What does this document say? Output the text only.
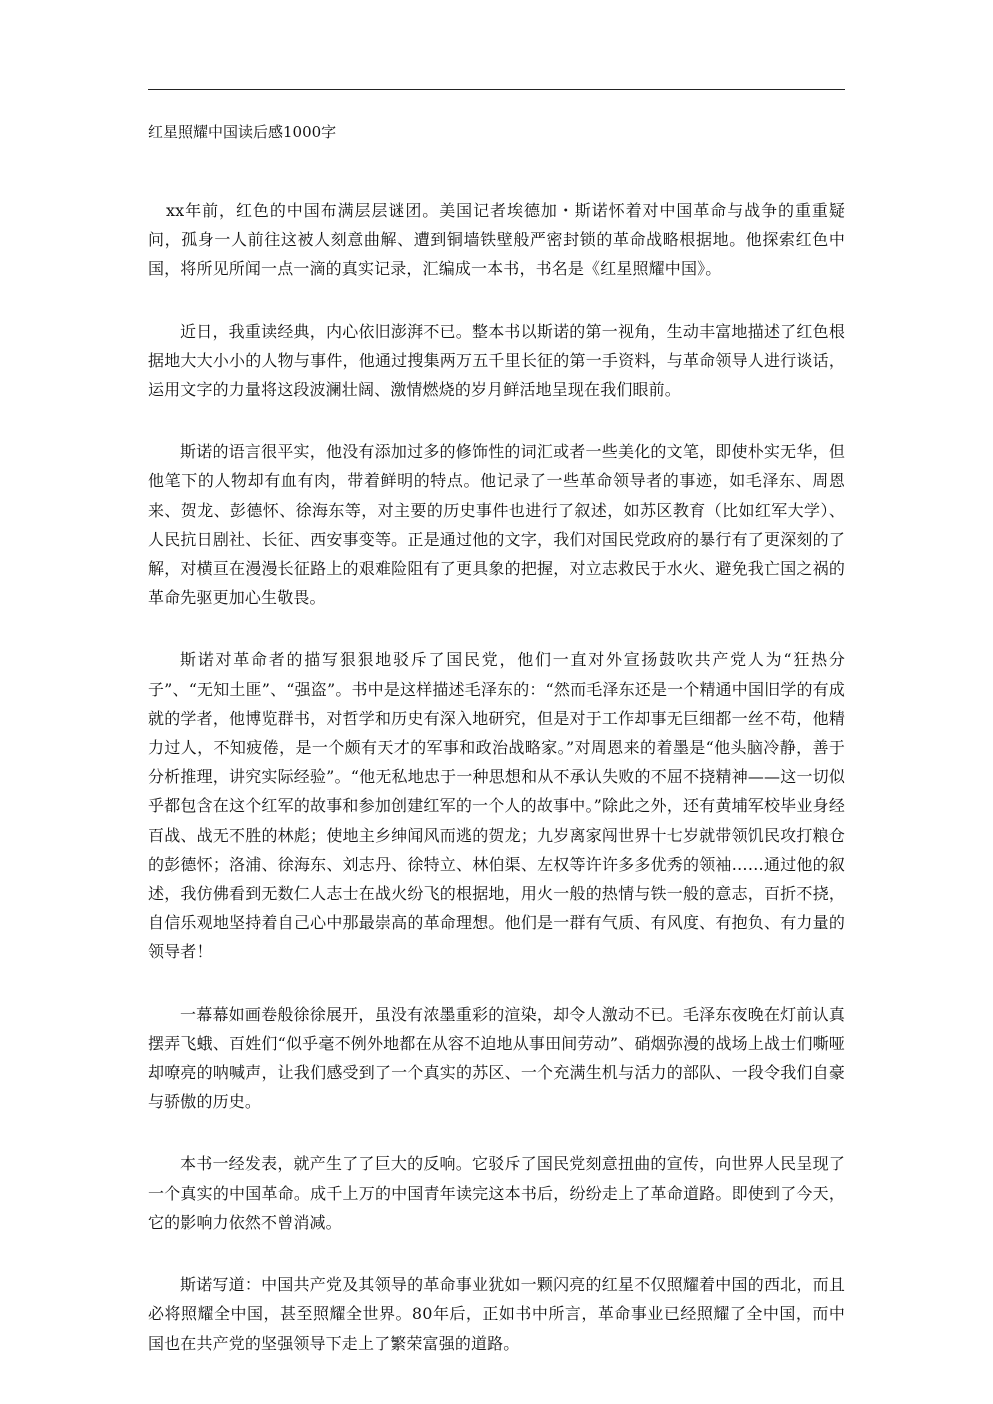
红星照耀中国读后感1000字

xx年前，红色的中国布满层层谜团。美国记者埃德加・斯诺怀着对中国革命与战争的重重疑问，孤身一人前往这被人刻意曲解、遭到铜墙铁壁般严密封锁的革命战略根据地。他探索红色中国，将所见所闻一点一滴的真实记录，汇编成一本书，书名是《红星照耀中国》。

近日，我重读经典，内心依旧澎湃不已。整本书以斯诺的第一视角，生动丰富地描述了红色根据地大大小小的人物与事件，他通过搜集两万五千里长征的第一手资料，与革命领导人进行谈话，运用文字的力量将这段波澜壮阔、激情燃烧的岁月鲜活地呈现在我们眼前。

斯诺的语言很平实，他没有添加过多的修饰性的词汇或者一些美化的文笔，即使朴实无华，但他笔下的人物却有血有肉，带着鲜明的特点。他记录了一些革命领导者的事迹，如毛泽东、周恩来、贺龙、彭德怀、徐海东等，对主要的历史事件也进行了叙述，如苏区教育（比如红军大学）、人民抗日剧社、长征、西安事变等。正是通过他的文字，我们对国民党政府的暴行有了更深刻的了解，对横亘在漫漫长征路上的艰难险阻有了更具象的把握，对立志救民于水火、避免我亡国之祸的革命先驱更加心生敬畏。

斯诺对革命者的描写狠狠地驳斥了国民党，他们一直对外宣扬鼓吹共产党人为“狂热分子”、“无知土匪”、“强盗”。书中是这样描述毛泽东的：“然而毛泽东还是一个精通中国旧学的有成就的学者，他博览群书，对哲学和历史有深入地研究，但是对于工作却事无巨细都一丝不苟，他精力过人，不知疲倦，是一个颇有天才的军事和政治战略家。”对周恩来的着墨是“他头脑冷静，善于分析推理，讲究实际经验”。“他无私地忠于一种思想和从不承认失败的不屈不挠精神——这一切似乎都包含在这个红军的故事和参加创建红军的一个人的故事中。”除此之外，还有黄埔军校毕业身经百战、战无不胜的林彪；使地主乡绅闻风而逃的贺龙；九岁离家闯世界十七岁就带领饥民攻打粮仓的彭德怀；洛浦、徐海东、刘志丹、徐特立、林伯渠、左权等许许多多优秀的领袖……通过他的叙述，我仿佛看到无数仁人志士在战火纷飞的根据地，用火一般的热情与铁一般的意志，百折不挠，自信乐观地坚持着自己心中那最崇高的革命理想。他们是一群有气质、有风度、有抱负、有力量的领导者！

一幕幕如画卷般徐徐展开，虽没有浓墨重彩的渲染，却令人激动不已。毛泽东夜晚在灯前认真摆弄飞蛾、百姓们“似乎毫不例外地都在从容不迫地从事田间劳动”、硝烟弥漫的战场上战士们嘶哑却嘹亮的呐喊声，让我们感受到了一个真实的苏区、一个充满生机与活力的部队、一段令我们自豪与骄傲的历史。

本书一经发表，就产生了了巨大的反响。它驳斥了国民党刻意扭曲的宣传，向世界人民呈现了一个真实的中国革命。成千上万的中国青年读完这本书后，纷纷走上了革命道路。即使到了今天，它的影响力依然不曾消减。

斯诺写道：中国共产党及其领导的革命事业犹如一颗闪亮的红星不仅照耀着中国的西北，而且必将照耀全中国，甚至照耀全世界。80年后，正如书中所言，革命事业已经照耀了全中国，而中国也在共产党的坚强领导下走上了繁荣富强的道路。
